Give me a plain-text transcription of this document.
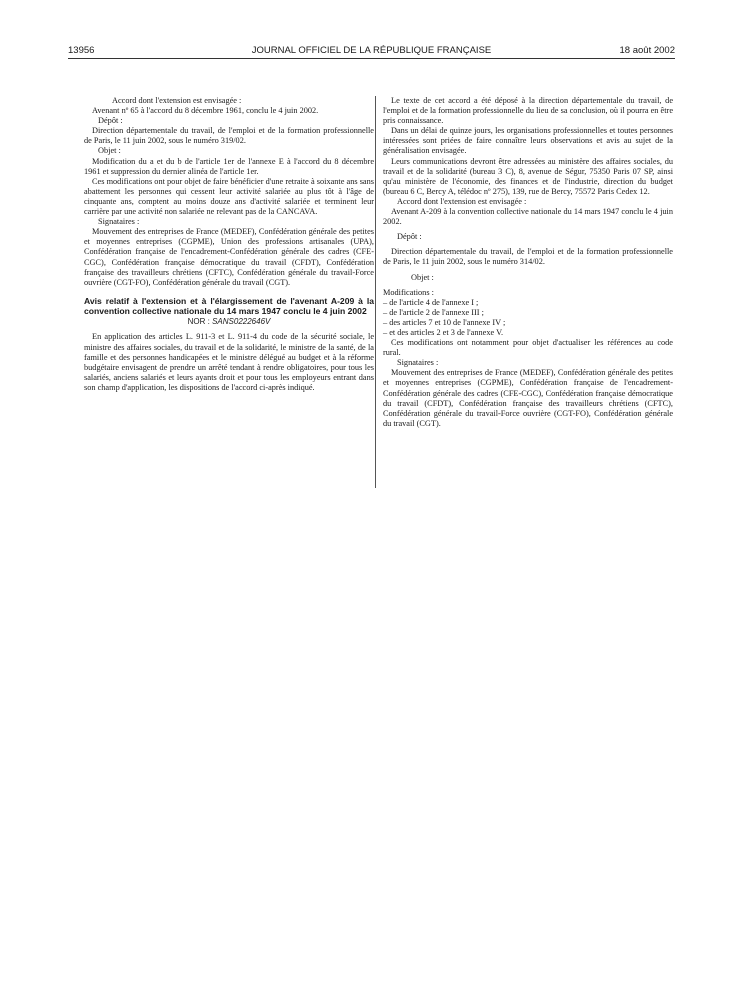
13956	JOURNAL OFFICIEL DE LA RÉPUBLIQUE FRANÇAISE	18 août 2002

Accord dont l'extension est envisagée :

Avenant nº 65 à l'accord du 8 décembre 1961, conclu le 4 juin 2002.

Dépôt :

Direction départementale du travail, de l'emploi et de la formation professionnelle de Paris, le 11 juin 2002, sous le numéro 319/02.

Objet :

Modification du a et du b de l'article 1er de l'annexe E à l'accord du 8 décembre 1961 et suppression du dernier alinéa de l'article 1er.

Ces modifications ont pour objet de faire bénéficier d'une retraite à soixante ans sans abattement les personnes qui cessent leur activité salariée au plus tôt à l'âge de cinquante ans, comptent au moins douze ans d'activité salariée et terminent leur carrière par une activité non salariée ne relevant pas de la CANCAVA.

Signataires :

Mouvement des entreprises de France (MEDEF), Confédération générale des petites et moyennes entreprises (CGPME), Union des professions artisanales (UPA), Confédération française de l'encadrement-Confédération générale des cadres (CFE-CGC), Confédération française démocratique du travail (CFDT), Confédération française des travailleurs chrétiens (CFTC), Confédération générale du travail-Force ouvrière (CGT-FO), Confédération générale du travail (CGT).

Avis relatif à l'extension et à l'élargissement de l'avenant A-209 à la convention collective nationale du 14 mars 1947 conclu le 4 juin 2002

NOR : SANS0222646V

En application des articles L. 911-3 et L. 911-4 du code de la sécurité sociale, le ministre des affaires sociales, du travail et de la solidarité, le ministre de la santé, de la famille et des personnes handicapées et le ministre délégué au budget et à la réforme budgétaire envisagent de prendre un arrêté tendant à rendre obligatoires, pour tous les salariés, anciens salariés et leurs ayants droit et pour tous les employeurs entrant dans son champ d'application, les dispositions de l'accord ci-après indiqué.

Le texte de cet accord a été déposé à la direction départementale du travail, de l'emploi et de la formation professionnelle du lieu de sa conclusion, où il pourra en être pris connaissance.

Dans un délai de quinze jours, les organisations professionnelles et toutes personnes intéressées sont priées de faire connaître leurs observations et avis au sujet de la généralisation envisagée.

Leurs communications devront être adressées au ministère des affaires sociales, du travail et de la solidarité (bureau 3 C), 8, avenue de Ségur, 75350 Paris 07 SP, ainsi qu'au ministère de l'économie, des finances et de l'industrie, direction du budget (bureau 6 C, Bercy A, télédoc nº 275), 139, rue de Bercy, 75572 Paris Cedex 12.

Accord dont l'extension est envisagée :

Avenant A-209 à la convention collective nationale du 14 mars 1947 conclu le 4 juin 2002.

Dépôt :

Direction départementale du travail, de l'emploi et de la formation professionnelle de Paris, le 11 juin 2002, sous le numéro 314/02.

Objet :

Modifications :

– de l'article 4 de l'annexe I ;

– de l'article 2 de l'annexe III ;

– des articles 7 et 10 de l'annexe IV ;

– et des articles 2 et 3 de l'annexe V.

Ces modifications ont notamment pour objet d'actualiser les références au code rural.

Signataires :

Mouvement des entreprises de France (MEDEF), Confédération générale des petites et moyennes entreprises (CGPME), Confédération française de l'encadrement-Confédération générale des cadres (CFE-CGC), Confédération française démocratique du travail (CFDT), Confédération française des travailleurs chrétiens (CFTC), Confédération générale du travail-Force ouvrière (CGT-FO), Confédération générale du travail (CGT).
